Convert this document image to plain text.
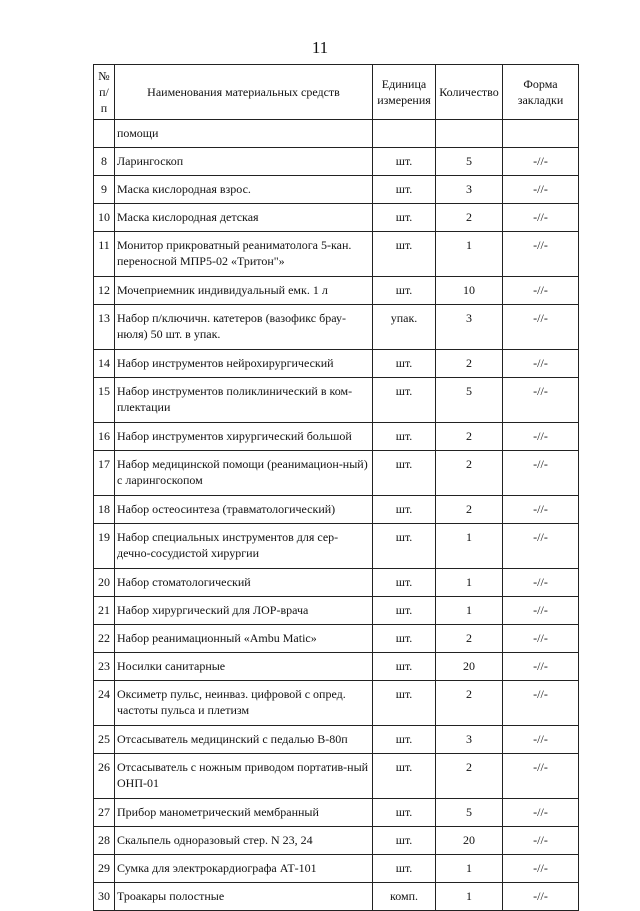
11
№ п/п	Наименования материальных средств	Единица измерения	Количество	Форма закладки
	помощи			
8	Ларингоскоп	шт.	5	-//-
9	Маска кислородная взрос.	шт.	3	-//-
10	Маска кислородная детская	шт.	2	-//-
11	Монитор прикроватный реаниматолога 5-кан. переносной МПР5-02 «Тритон"»	шт.	1	-//-
12	Мочеприемник индивидуальный емк. 1 л	шт.	10	-//-
13	Набор п/ключичн. катетеров (вазофикс брау-нюля) 50 шт. в упак.	упак.	3	-//-
14	Набор инструментов нейрохирургический	шт.	2	-//-
15	Набор инструментов поликлинический в ком-плектации	шт.	5	-//-
16	Набор инструментов хирургический большой	шт.	2	-//-
17	Набор медицинской помощи (реанимацион-ный) с ларингоскопом	шт.	2	-//-
18	Набор остеосинтеза (травматологический)	шт.	2	-//-
19	Набор специальных инструментов для сер-дечно-сосудистой хирургии	шт.	1	-//-
20	Набор стоматологический	шт.	1	-//-
21	Набор хирургический для ЛОР-врача	шт.	1	-//-
22	Набор реанимационный «Ambu Matic»	шт.	2	-//-
23	Носилки санитарные	шт.	20	-//-
24	Оксиметр пульс, неинваз. цифровой с опред. частоты пульса и плетизм	шт.	2	-//-
25	Отсасыватель медицинский с педалью В-80п	шт.	3	-//-
26	Отсасыватель с ножным приводом портатив-ный ОНП-01	шт.	2	-//-
27	Прибор манометрический мембранный	шт.	5	-//-
28	Скальпель одноразовый стер. N 23, 24	шт.	20	-//-
29	Сумка для электрокардиографа АТ-101	шт.	1	-//-
30	Троакары полостные	комп.	1	-//-
